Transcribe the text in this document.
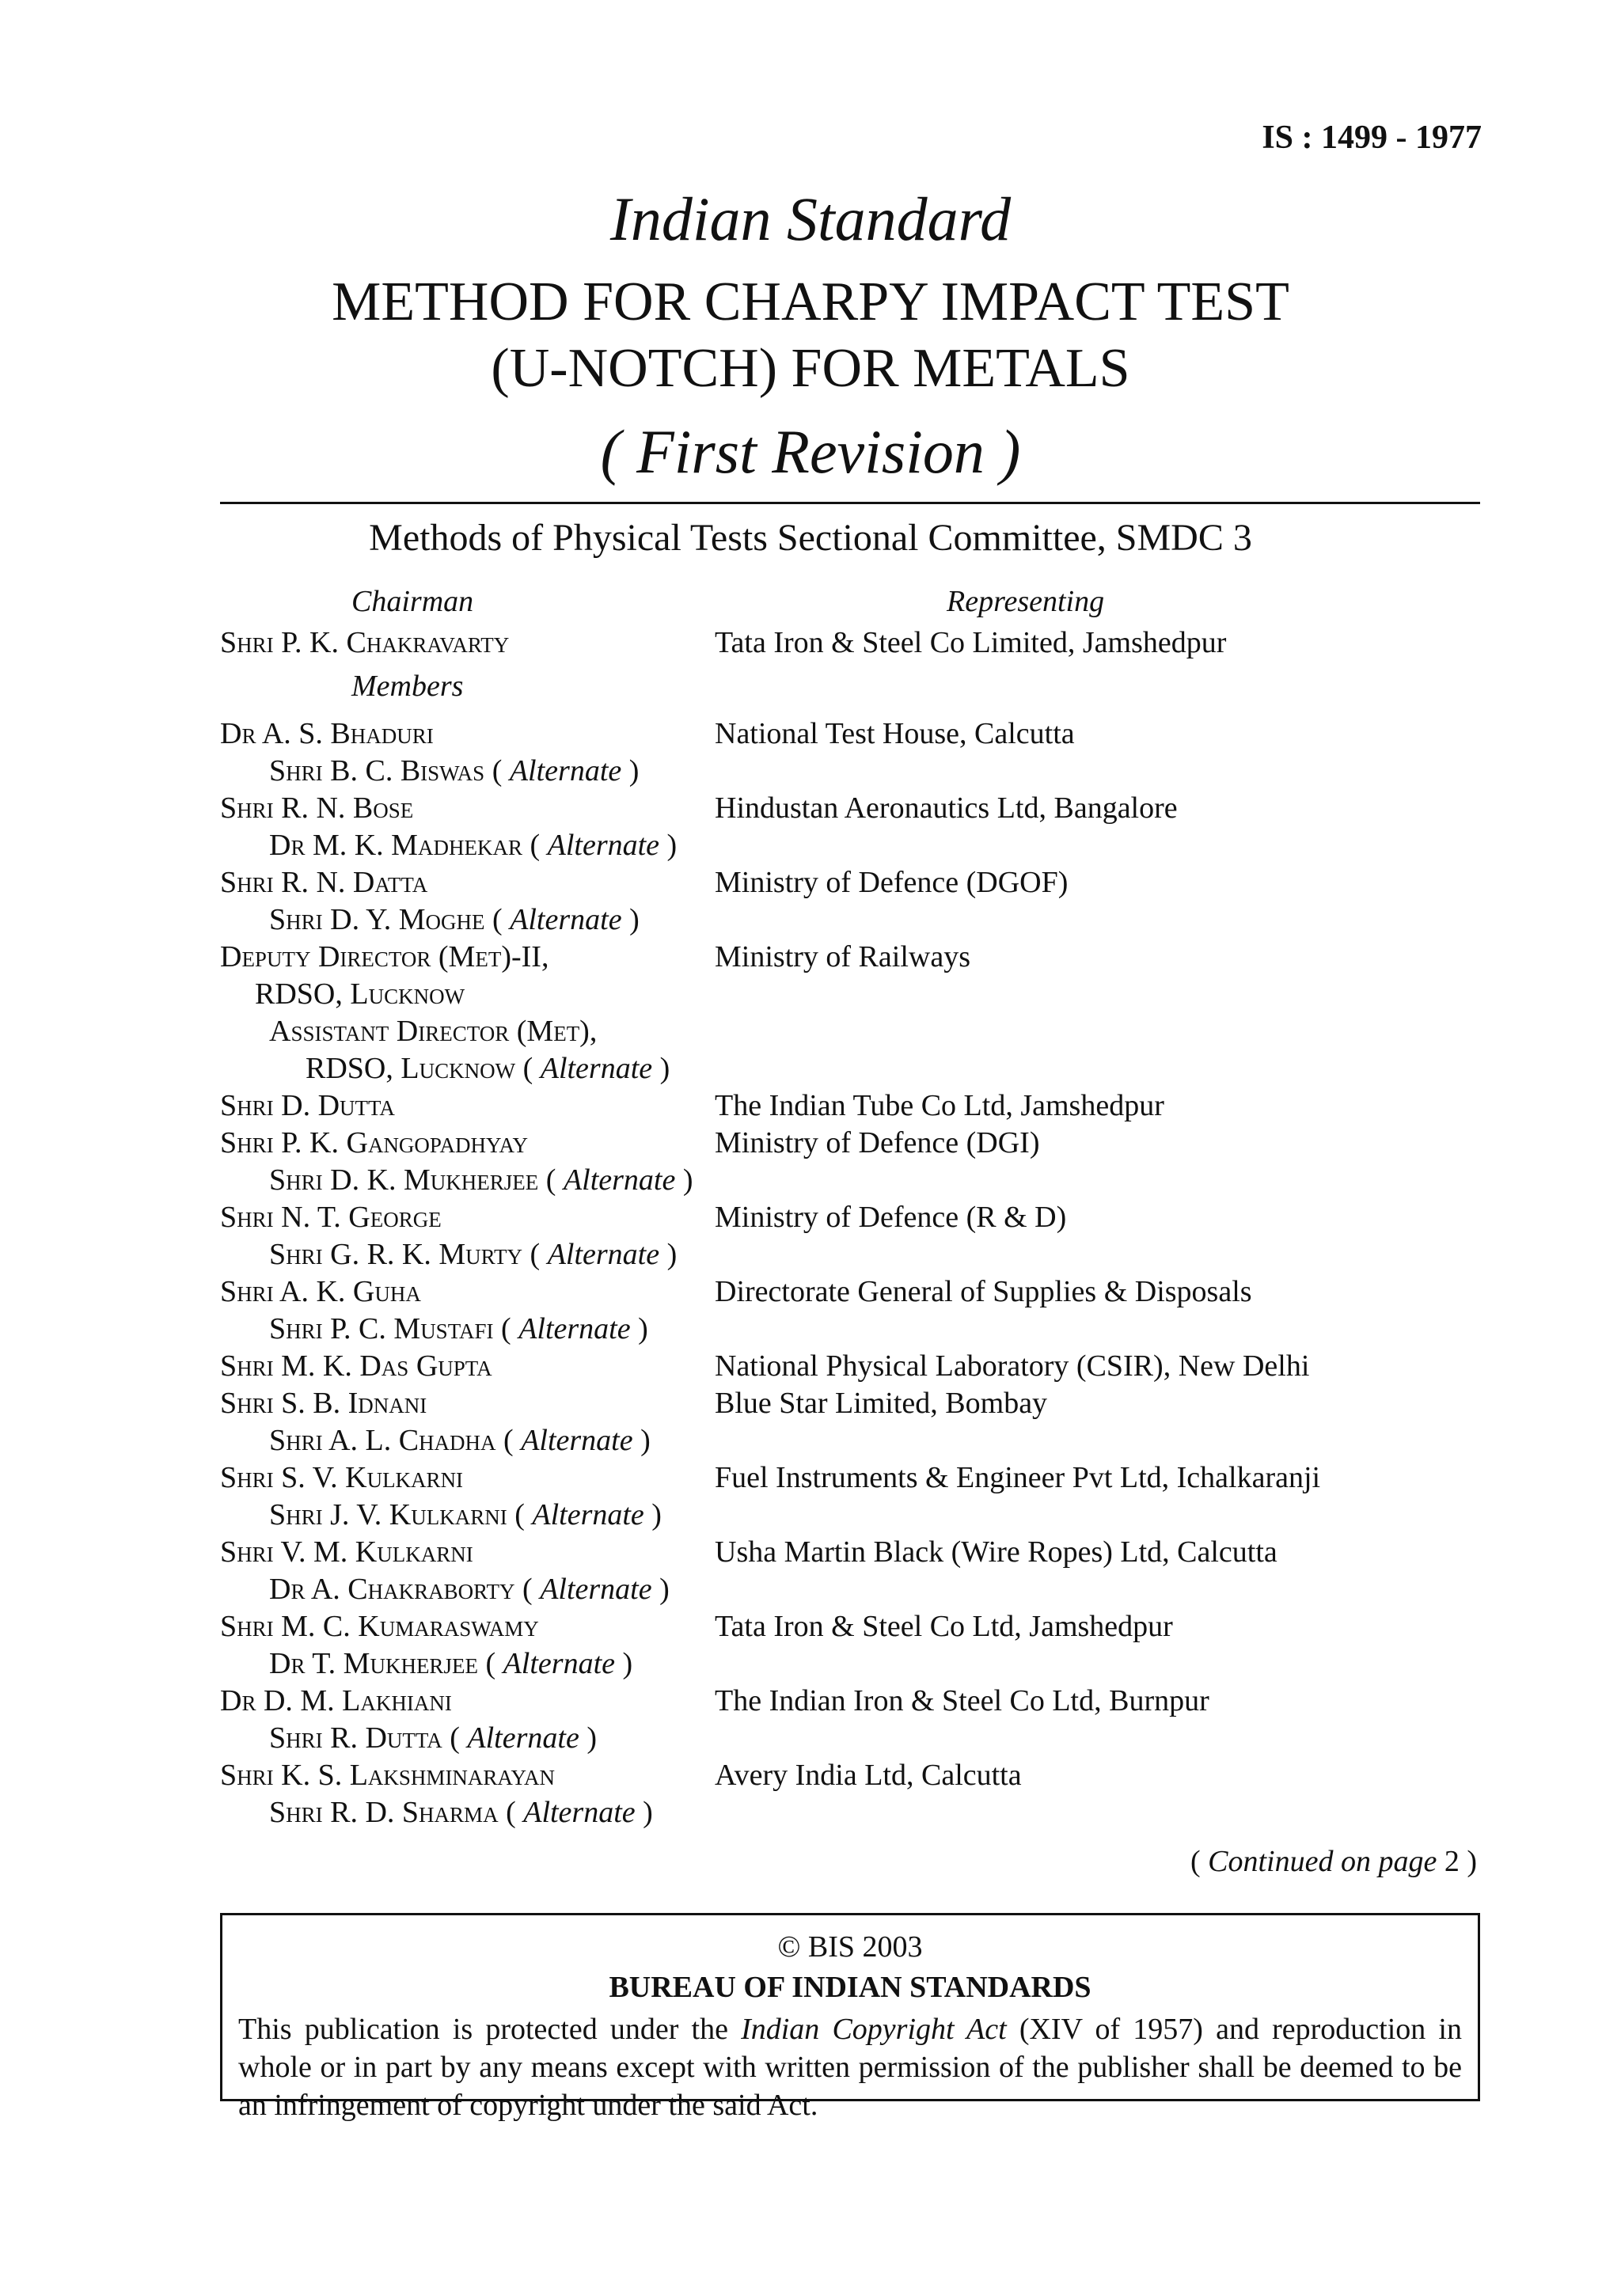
IS : 1499 - 1977

Indian Standard

METHOD FOR CHARPY IMPACT TEST

(U-NOTCH) FOR METALS

( First Revision )

Methods of Physical Tests Sectional Committee, SMDC 3

Chairman	Representing
Shri P. K. Chakravarty	Tata Iron & Steel Co Limited, Jamshedpur
Members
Dr A. S. Bhaduri	National Test House, Calcutta
Shri B. C. Biswas ( Alternate )
Shri R. N. Bose	Hindustan Aeronautics Ltd, Bangalore
Dr M. K. Madhekar ( Alternate )
Shri R. N. Datta	Ministry of Defence (DGOF)
Shri D. Y. Moghe ( Alternate )
Deputy Director (Met)-II,	Ministry of Railways
RDSO, Lucknow
Assistant Director (Met),
RDSO, Lucknow ( Alternate )
Shri D. Dutta	The Indian Tube Co Ltd, Jamshedpur
Shri P. K. Gangopadhyay	Ministry of Defence (DGI)
Shri D. K. Mukherjee ( Alternate )
Shri N. T. George	Ministry of Defence (R & D)
Shri G. R. K. Murty ( Alternate )
Shri A. K. Guha	Directorate General of Supplies & Disposals
Shri P. C. Mustafi ( Alternate )
Shri M. K. Das Gupta	National Physical Laboratory (CSIR), New Delhi
Shri S. B. Idnani	Blue Star Limited, Bombay
Shri A. L. Chadha ( Alternate )
Shri S. V. Kulkarni	Fuel Instruments & Engineer Pvt Ltd, Ichalkaranji
Shri J. V. Kulkarni ( Alternate )
Shri V. M. Kulkarni	Usha Martin Black (Wire Ropes) Ltd, Calcutta
Dr A. Chakraborty ( Alternate )
Shri M. C. Kumaraswamy	Tata Iron & Steel Co Ltd, Jamshedpur
Dr T. Mukherjee ( Alternate )
Dr D. M. Lakhiani	The Indian Iron & Steel Co Ltd, Burnpur
Shri R. Dutta ( Alternate )
Shri K. S. Lakshminarayan	Avery India Ltd, Calcutta
Shri R. D. Sharma ( Alternate )

( Continued on page 2 )

© BIS 2003

BUREAU OF INDIAN STANDARDS

This publication is protected under the Indian Copyright Act (XIV of 1957) and reproduction in whole or in part by any means except with written permission of the publisher shall be deemed to be an infringement of copyright under the said Act.
